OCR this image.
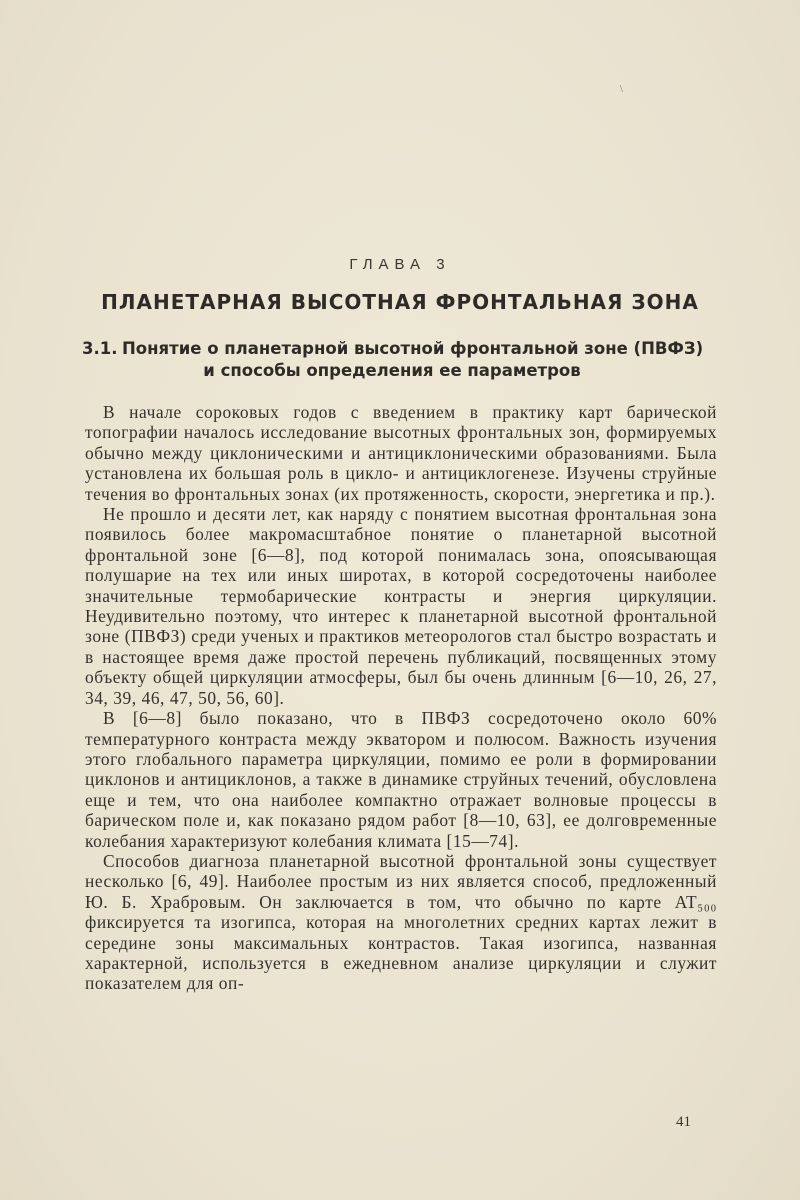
\
ГЛАВА 3
ПЛАНЕТАРНАЯ ВЫСОТНАЯ ФРОНТАЛЬНАЯ ЗОНА
3.1. Понятие о планетарной высотной фронтальной зоне (ПВФЗ)
и способы определения ее параметров

В начале сороковых годов с введением в практику карт барической топографии началось исследование высотных фронтальных зон, формируемых обычно между циклоническими и антициклоническими образованиями. Была установлена их большая роль в цикло- и антициклогенезе. Изучены струйные течения во фронтальных зонах (их протяженность, скорости, энергетика и пр.).

Не прошло и десяти лет, как наряду с понятием высотная фронтальная зона появилось более макромасштабное понятие о планетарной высотной фронтальной зоне [6—8], под которой понималась зона, опоясывающая полушарие на тех или иных широтах, в которой сосредоточены наиболее значительные термобарические контрасты и энергия циркуляции. Неудивительно поэтому, что интерес к планетарной высотной фронтальной зоне (ПВФЗ) среди ученых и практиков метеорологов стал быстро возрастать и в настоящее время даже простой перечень публикаций, посвященных этому объекту общей циркуляции атмосферы, был бы очень длинным [6—10, 26, 27, 34, 39, 46, 47, 50, 56, 60].

В [6—8] было показано, что в ПВФЗ сосредоточено около 60% температурного контраста между экватором и полюсом. Важность изучения этого глобального параметра циркуляции, помимо ее роли в формировании циклонов и антициклонов, а также в динамике струйных течений, обусловлена еще и тем, что она наиболее компактно отражает волновые процессы в барическом поле и, как показано рядом работ [8—10, 63], ее долговременные колебания характеризуют колебания климата [15—74].

Способов диагноза планетарной высотной фронтальной зоны существует несколько [6, 49]. Наиболее простым из них является способ, предложенный Ю. Б. Храбровым. Он заключается в том, что обычно по карте AT₅₀₀ фиксируется та изогипса, которая на многолетних средних картах лежит в середине зоны максимальных контрастов. Такая изогипса, названная характерной, используется в ежедневном анализе циркуляции и служит показателем для оп-

41
